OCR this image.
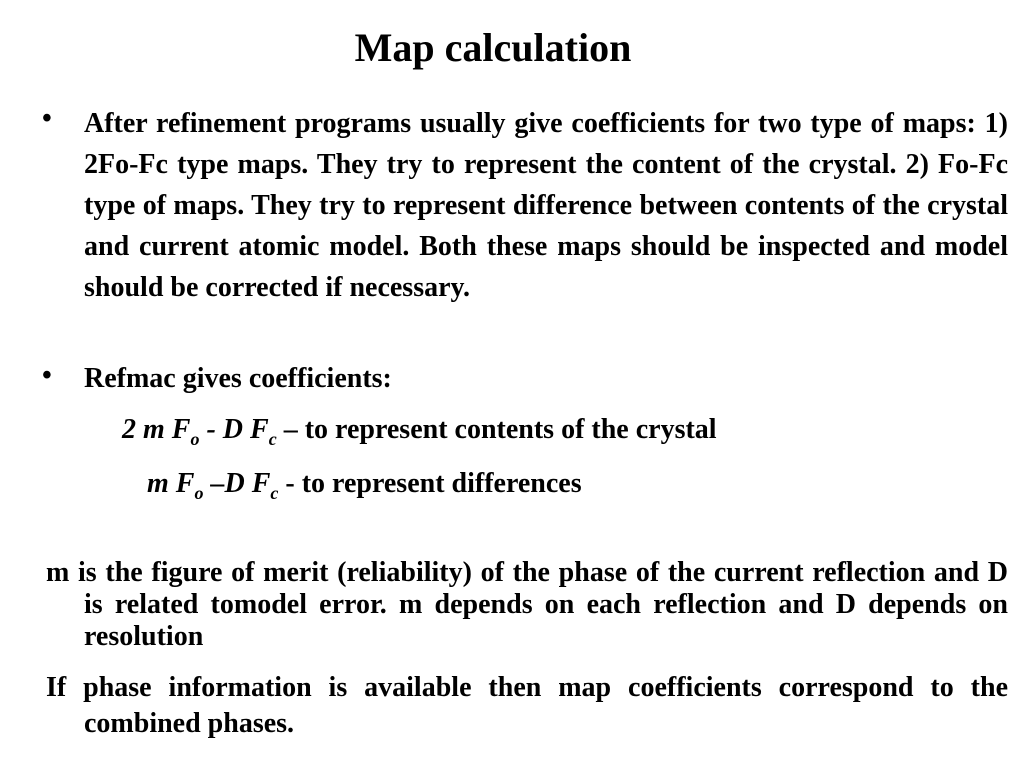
Map calculation
•	After refinement programs usually give coefficients for two type of maps: 1) 2Fo-Fc type maps. They try to represent the content of the crystal. 2) Fo-Fc type of maps. They try to represent difference between contents of the crystal and current atomic model. Both these maps should be inspected and model should be corrected if necessary.
•	Refmac gives coefficients:
2 m $F_o$ - D $F_c$ – to represent contents of the crystal
m $F_o$ –D $F_c$ - to represent differences
m is the figure of merit (reliability) of the phase of the current reflection and D is related tomodel error. m depends on each reflection and D depends on resolution
If phase information is available then map coefficients correspond to the combined phases.
